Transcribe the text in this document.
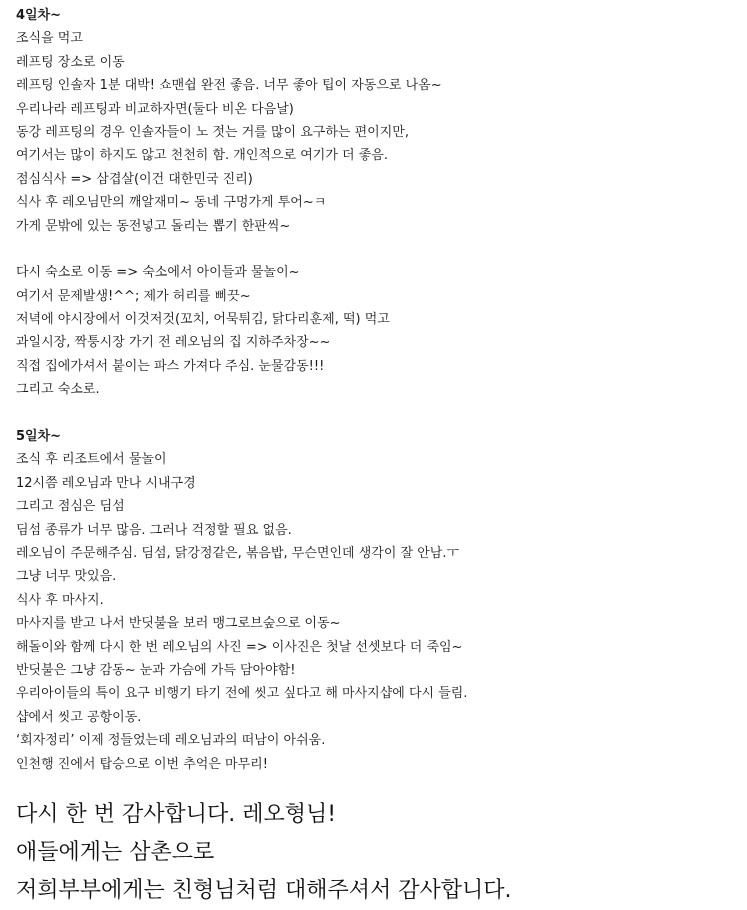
4일차~
조식을 먹고
레프팅 장소로 이동
레프팅 인솔자 1분 대박! 쇼맨쉽 완전 좋음. 너무 좋아 팁이 자동으로 나옴~
우리나라 레프팅과 비교하자면(둘다 비온 다음날)
동강 레프팅의 경우 인솔자들이 노 젓는 거를 많이 요구하는 편이지만,
여기서는 많이 하지도 않고 천천히 함. 개인적으로 여기가 더 좋음.
점심식사 => 삼겹살(이건 대한민국 진리)
식사 후 레오님만의 깨알재미~ 동네 구멍가게 투어~ㅋ
가게 문밖에 있는 동전넣고 돌리는 뽑기 한판씩~
다시 숙소로 이동 => 숙소에서 아이들과 물놀이~
여기서 문제발생!^^; 제가 허리를 삐끗~
저녁에 야시장에서 이것저것(꼬치, 어묵튀김, 닭다리훈제, 떡) 먹고
과일시장, 짝퉁시장 가기 전 레오님의 집 지하주차장~~
직접 집에가셔서 붙이는 파스 가져다 주심. 눈물감동!!!
그리고 숙소로.
5일차~
조식 후 리조트에서 물놀이
12시쯤 레오님과 만나 시내구경
그리고 점심은 딤섬
딤섬 종류가 너무 많음. 그러나 걱정할 필요 없음.
레오님이 주문해주심. 딤섬, 닭강정같은, 볶음밥, 무슨면인데 생각이 잘 안남.ㅜ
그냥 너무 맛있음.
식사 후 마사지.
마사지를 받고 나서 반딧불을 보러 맹그로브숲으로 이동~
해돌이와 함께 다시 한 번 레오님의 사진 => 이사진은 첫날 선셋보다 더 죽임~
반딧불은 그냥 감동~ 눈과 가슴에 가득 담아야함!
우리아이들의 특이 요구 비행기 타기 전에 씻고 싶다고 해 마사지샵에 다시 들림.
샵에서 씻고 공항이동.
‘회자정리’ 이제 정들었는데 레오님과의 떠남이 아쉬움.
인천행 진에서 탑승으로 이번 추억은 마무리!
다시 한 번 감사합니다. 레오형님!
애들에게는 삼촌으로
저희부부에게는 친형님처럼 대해주셔서 감사합니다.
